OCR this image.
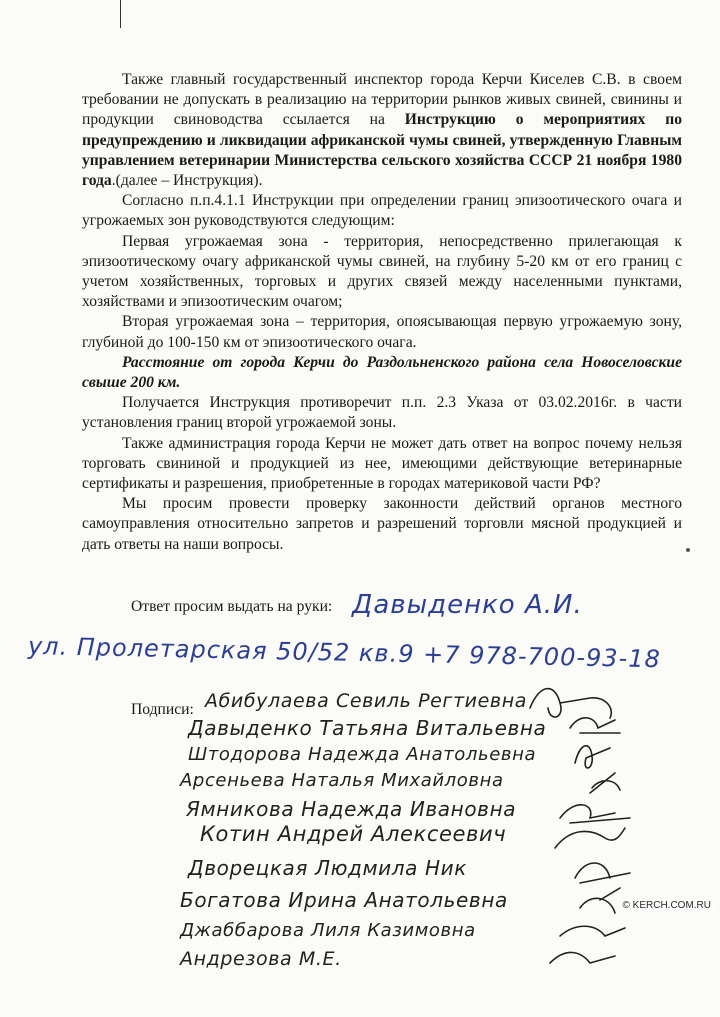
Также главный государственный инспектор города Керчи Киселев С.В. в своем требовании не допускать в реализацию на территории рынков живых свиней, свинины и продукции свиноводства ссылается на Инструкцию о мероприятиях по предупреждению и ликвидации африканской чумы свиней, утвержденную Главным управлением ветеринарии Министерства сельского хозяйства СССР 21 ноября 1980 года.(далее – Инструкция).

Согласно п.п.4.1.1 Инструкции при определении границ эпизоотического очага и угрожаемых зон руководствуются следующим:

Первая угрожаемая зона - территория, непосредственно прилегающая к эпизоотическому очагу африканской чумы свиней, на глубину 5-20 км от его границ с учетом хозяйственных, торговых и других связей между населенными пунктами, хозяйствами и эпизоотическим очагом;

Вторая угрожаемая зона – территория, опоясывающая первую угрожаемую зону, глубиной до 100-150 км от эпизоотического очага.

Расстояние от города Керчи до Раздольненского района села Новоселовские свыше 200 км.

Получается Инструкция противоречит п.п. 2.3 Указа от 03.02.2016г. в части установления границ второй угрожаемой зоны.

Также администрация города Керчи не может дать ответ на вопрос почему нельзя торговать свининой и продукцией из нее, имеющими действующие ветеринарные сертификаты и разрешения, приобретенные в городах материковой части РФ?

Мы просим провести проверку законности действий органов местного самоуправления относительно запретов и разрешений торговли мясной продукцией и дать ответы на наши вопросы.

Ответ просим выдать на руки: Давыденко А.И.
ул. Пролетарская 50/52 кв.9 +7 978-700-93-18
Подписи: Абибулаева Севиль Регтиевна
Давыденко Татьяна Витальевна
Штодорова Надежда Анатольевна
Арсеньева Наталья Михайловна
Ямникова Надежда Ивановна
Котин Андрей Алексеевич
Дворецкая Людмила Ник
Богатова Ирина Анатольевна
Джаббарова Лиля Казимовна
Андрезова М.Е.
© KERCH.COM.RU
